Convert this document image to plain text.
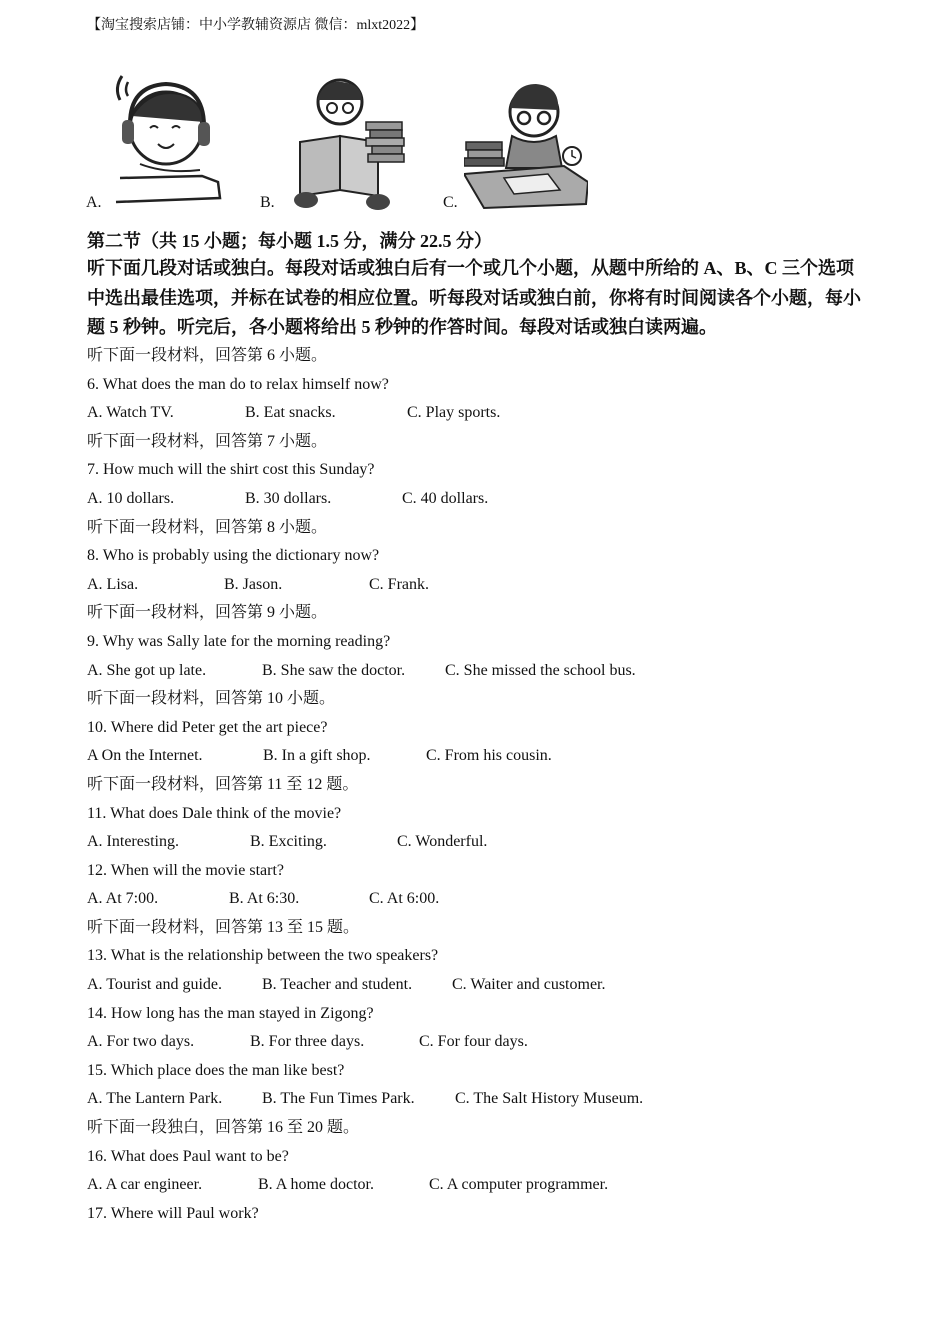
【淘宝搜索店铺：中小学教辅资源店 微信：mlxt2022】
A.	B.	C.
第二节（共 15 小题；每小题 1.5 分，满分 22.5 分）
听下面几段对话或独白。每段对话或独白后有一个或几个小题，从题中所给的 A、B、C 三个选项中选出最佳选项，并标在试卷的相应位置。听每段对话或独白前，你将有时间阅读各个小题，每小题 5 秒钟。听完后，各小题将给出 5 秒钟的作答时间。每段对话或独白读两遍。
听下面一段材料，回答第 6 小题。
6. What does the man do to relax himself now?
A. Watch TV.	B. Eat snacks.	C. Play sports.
听下面一段材料，回答第 7 小题。
7. How much will the shirt cost this Sunday?
A. 10 dollars.	B. 30 dollars.	C. 40 dollars.
听下面一段材料，回答第 8 小题。
8. Who is probably using the dictionary now?
A. Lisa.	B. Jason.	C. Frank.
听下面一段材料，回答第 9 小题。
9. Why was Sally late for the morning reading?
A. She got up late.	B. She saw the doctor. C. She missed the school bus.
听下面一段材料，回答第 10 小题。
10. Where did Peter get the art piece?
A On the Internet.	B. In a gift shop.	C. From his cousin.
听下面一段材料，回答第 11 至 12 题。
11. What does Dale think of the movie?
A. Interesting.	B. Exciting.	C. Wonderful.
12. When will the movie start?
A. At 7:00.	B. At 6:30.	C. At 6:00.
听下面一段材料，回答第 13 至 15 题。
13. What is the relationship between the two speakers?
A. Tourist and guide. B. Teacher and student. C. Waiter and customer.
14. How long has the man stayed in Zigong?
A. For two days.	B. For three days.	C. For four days.
15. Which place does the man like best?
A. The Lantern Park. B. The Fun Times Park.	C. The Salt History Museum.
听下面一段独白，回答第 16 至 20 题。
16. What does Paul want to be?
A. A car engineer.	B. A home doctor.	C. A computer programmer.
17. Where will Paul work?
